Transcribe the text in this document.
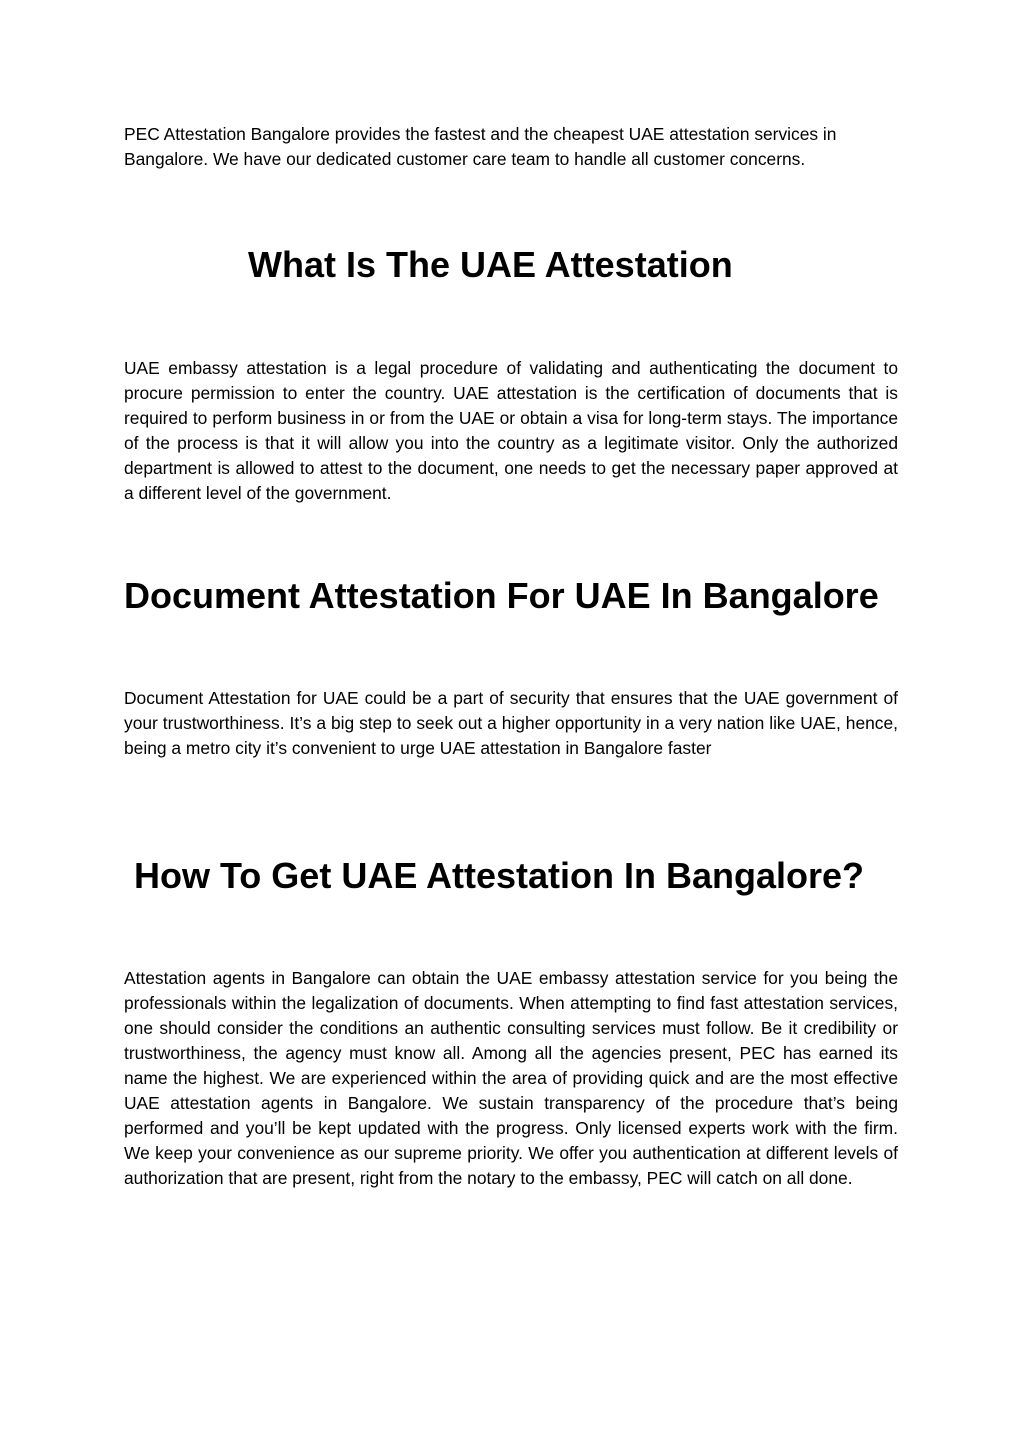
PEC Attestation Bangalore provides the fastest and the cheapest UAE attestation services in Bangalore. We have our dedicated customer care team to handle all customer concerns.

What Is The UAE Attestation

UAE embassy attestation is a legal procedure of validating and authenticating the document to procure permission to enter the country. UAE attestation is the certification of documents that is required to perform business in or from the UAE or obtain a visa for long-term stays. The importance of the process is that it will allow you into the country as a legitimate visitor. Only the authorized department is allowed to attest to the document, one needs to get the necessary paper approved at a different level of the government.

Document Attestation For UAE In Bangalore

Document Attestation for UAE could be a part of security that ensures that the UAE government of your trustworthiness. It’s a big step to seek out a higher opportunity in a very nation like UAE, hence, being a metro city it’s convenient to urge UAE attestation in Bangalore faster

How To Get UAE Attestation In Bangalore?

Attestation agents in Bangalore can obtain the UAE embassy attestation service for you being the professionals within the legalization of documents. When attempting to find fast attestation services, one should consider the conditions an authentic consulting services must follow. Be it credibility or trustworthiness, the agency must know all. Among all the agencies present, PEC has earned its name the highest. We are experienced within the area of providing quick and are the most effective UAE attestation agents in Bangalore. We sustain transparency of the procedure that’s being performed and you’ll be kept updated with the progress. Only licensed experts work with the firm. We keep your convenience as our supreme priority. We offer you authentication at different levels of authorization that are present, right from the notary to the embassy, PEC will catch on all done.
